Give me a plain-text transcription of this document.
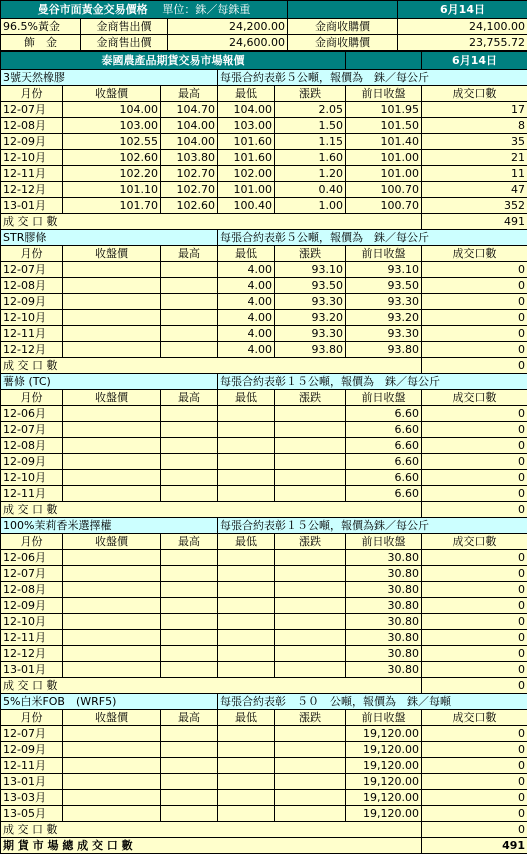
曼谷市面黃金交易價格　 單位：銖／每銖重				6月14日
96.5%黃金	金商售出價	24,200.00	金商收購價	24,100.00
飾　金	金商售出價	24,600.00	金商收購價	23,755.72
泰國農產品期貨交易市場報價						6月14日
3號天然橡膠			每張合約表彰５公噸，報價為　銖／每公斤			
月份	收盤價	最高	最低	漲跌	前日收盤	成交口數
12-07月	104.00	104.70	104.00	2.05	101.95	17
12-08月	103.00	104.00	103.00	1.50	101.50	8
12-09月	102.55	104.00	101.60	1.15	101.40	35
12-10月	102.60	103.80	101.60	1.60	101.00	21
12-11月	102.20	102.70	102.00	1.20	101.00	11
12-12月	101.10	102.70	101.00	0.40	100.70	47
13-01月	101.70	102.60	100.40	1.00	100.70	352
成 交 口 數						491
STR膠條			每張合約表彰５公噸，報價為　銖／每公斤			
月份	收盤價	最高	最低	漲跌	前日收盤	成交口數
12-07月			4.00	93.10	93.10	0
12-08月			4.00	93.50	93.50	0
12-09月			4.00	93.30	93.30	0
12-10月			4.00	93.20	93.20	0
12-11月			4.00	93.30	93.30	0
12-12月			4.00	93.80	93.80	0
成 交 口 數						0
薯條 (TC)			每張合約表彰１５公噸，報價為　銖／每公斤			
月份	收盤價	最高	最低	漲跌	前日收盤	成交口數
12-06月					6.60	0
12-07月					6.60	0
12-08月					6.60	0
12-09月					6.60	0
12-10月					6.60	0
12-11月					6.60	0
成 交 口 數						0
100%茉莉香米選擇權			每張合約表彰１５公噸，報價為銖／每公斤			
月份	收盤價	最高	最低	漲跌	前日收盤	成交口數
12-06月					30.80	0
12-07月					30.80	0
12-08月					30.80	0
12-09月					30.80	0
12-10月					30.80	0
12-11月					30.80	0
12-12月					30.80	0
13-01月					30.80	0
成 交 口 數						0
5%白米FOB　(WRF5)			每張合約表彰　５０　公噸，報價為　銖／每噸			
月份	收盤價	最高	最低	漲跌	前日收盤	成交口數
12-07月					19,120.00	0
12-09月					19,120.00	0
12-11月					19,120.00	0
13-01月					19,120.00	0
13-03月					19,120.00	0
13-05月					19,120.00	0
成 交 口 數						0
期 貨 市 場 總 成 交 口 數						491
